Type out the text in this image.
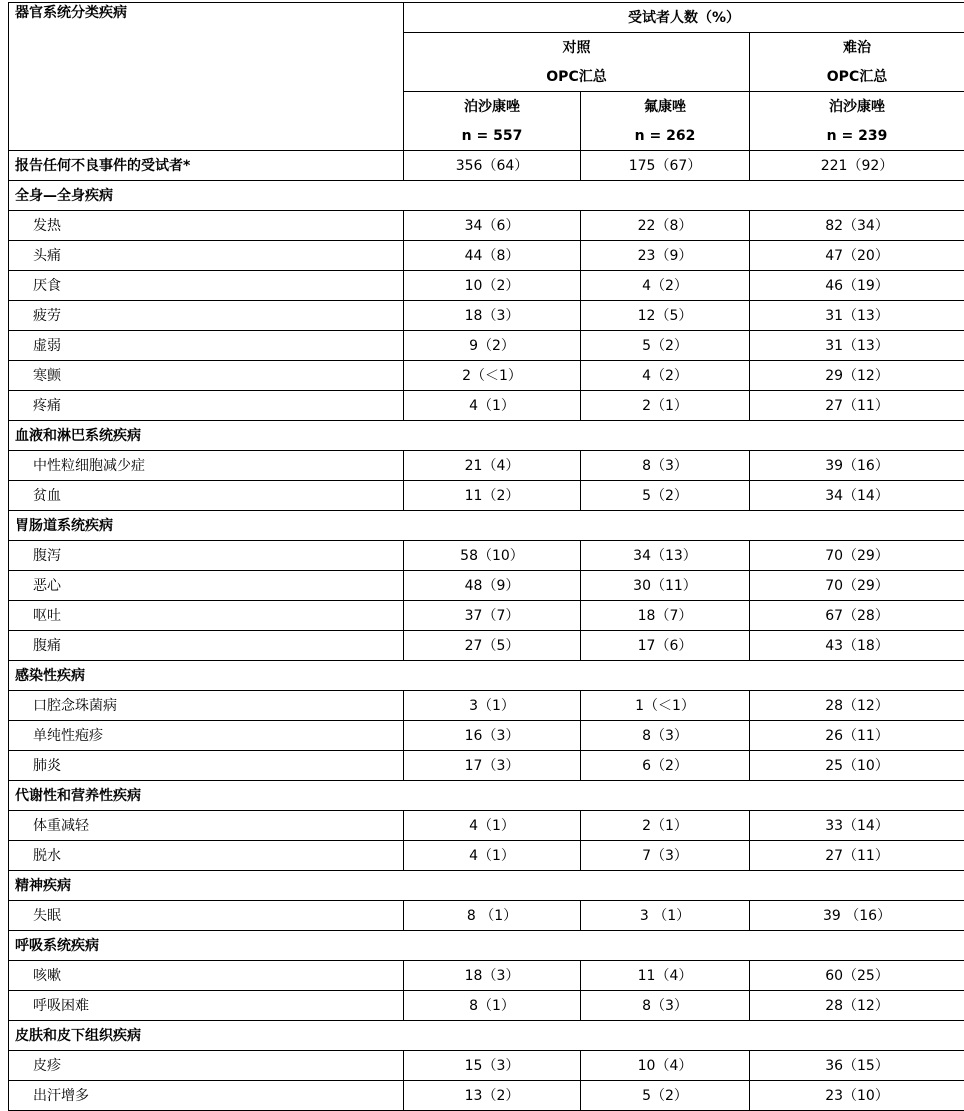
器官系统分类疾病	受试者人数（%）		
	对照		难治
	OPC汇总		OPC汇总
	泊沙康唑	氟康唑	泊沙康唑
	n = 557	n = 262	n = 239
报告任何不良事件的受试者*	356（64）	175（67）	221（92）
全身—全身疾病			
发热	34（6）	22（8）	82（34）
头痛	44（8）	23（9）	47（20）
厌食	10（2）	4（2）	46（19）
疲劳	18（3）	12（5）	31（13）
虚弱	9（2）	5（2）	31（13）
寒颤	2（＜1）	4（2）	29（12）
疼痛	4（1）	2（1）	27（11）
血液和淋巴系统疾病			
中性粒细胞减少症	21（4）	8（3）	39（16）
贫血	11（2）	5（2）	34（14）
胃肠道系统疾病			
腹泻	58（10）	34（13）	70（29）
恶心	48（9）	30（11）	70（29）
呕吐	37（7）	18（7）	67（28）
腹痛	27（5）	17（6）	43（18）
感染性疾病			
口腔念珠菌病	3（1）	1（＜1）	28（12）
单纯性疱疹	16（3）	8（3）	26（11）
肺炎	17（3）	6（2）	25（10）
代谢性和营养性疾病			
体重减轻	4（1）	2（1）	33（14）
脱水	4（1）	7（3）	27（11）
精神疾病			
失眠	8 （1）	3 （1）	39 （16）
呼吸系统疾病			
咳嗽	18（3）	11（4）	60（25）
呼吸困难	8（1）	8（3）	28（12）
皮肤和皮下组织疾病			
皮疹	15（3）	10（4）	36（15）
出汗增多	13（2）	5（2）	23（10）
